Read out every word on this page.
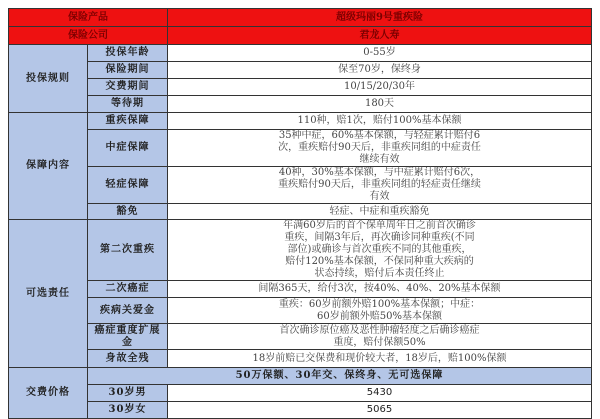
保险产品		超级玛丽9号重疾险
保险公司		君龙人寿
投保规则	投保年龄	0-55岁
	保险期间	保至70岁，保终身
	交费期间	10/15/20/30年
	等待期	180天
保障内容	重疾保障	110种，赔1次，赔付100%基本保额
	中症保障	35种中症，60%基本保额，与轻症累计赔付6次，重疾赔付90天后，非重疾同组的中症责任继续有效
	轻症保障	40种，30%基本保额，与中症累计赔付6次，重疾赔付90天后，非重疾同组的轻症责任继续有效
	豁免	轻症、中症和重疾豁免
可选责任	第二次重疾	年满60岁后的首个保单周年日之前首次确诊重疾，间隔3年后，再次确诊同种重疾(不同部位)或确诊与首次重疾不同的其他重疾，赔付120%基本保额，不保同种重大疾病的状态持续，赔付后本责任终止
	二次癌症	间隔365天，给付3次，按40%、40%、20%基本保额
	疾病关爱金	重疾：60岁前额外赔100%基本保额；中症：60岁前额外赔50%基本保额
	癌症重度扩展金	首次确诊原位癌及恶性肿瘤轻度之后确诊癌症重度，赔付保额50%
	身故全残	18岁前赔已交保费和现价较大者，18岁后，赔100%保额
交费价格	50万保额、30年交、保终身、无可选保障	
	30岁男	5430
	30岁女	5065
